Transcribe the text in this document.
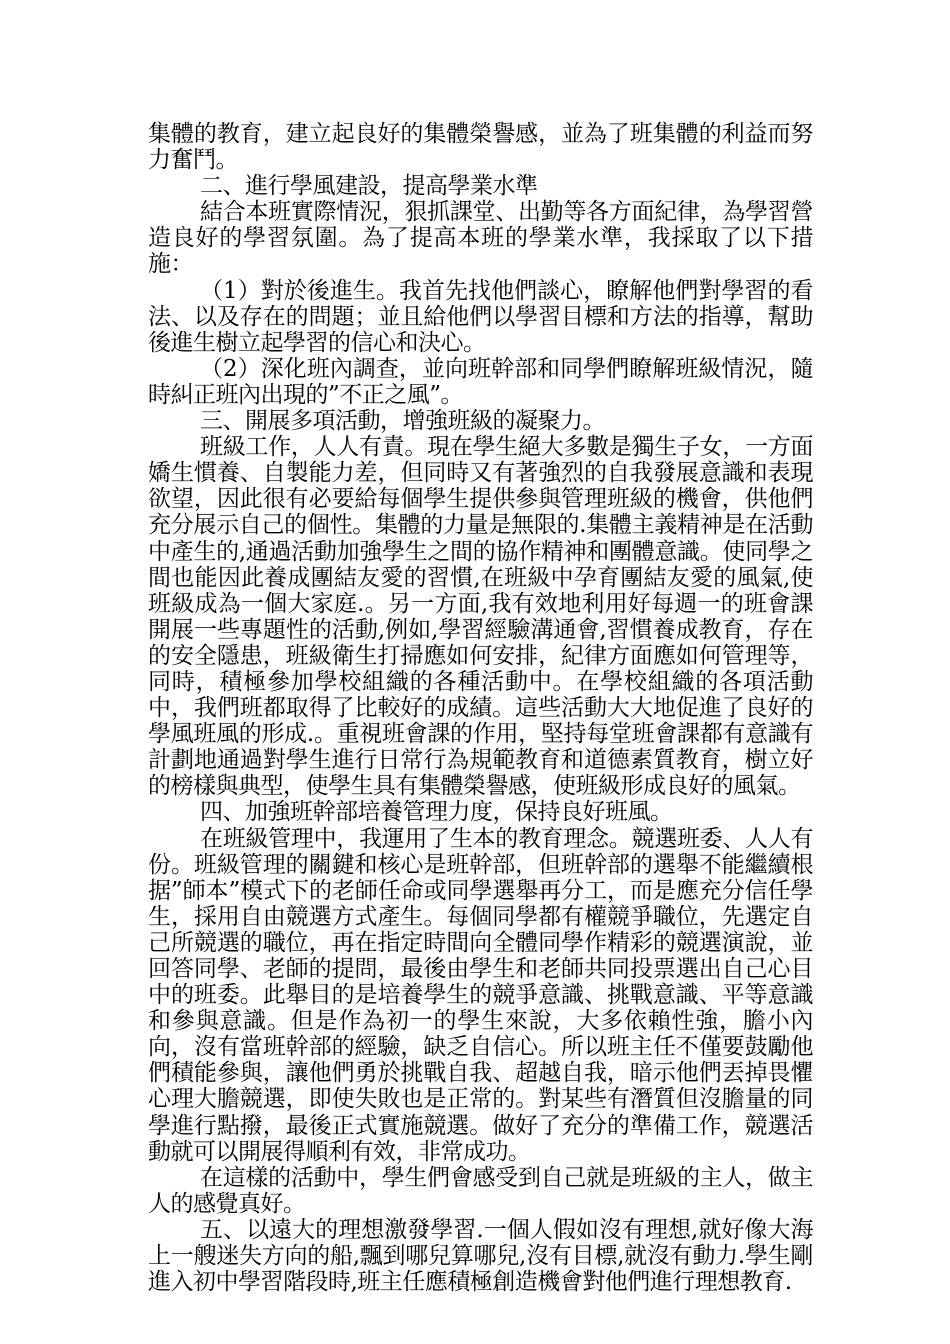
集體的教育，建立起良好的集體榮譽感，並為了班集體的利益而努力奮鬥。

二、進行學風建設，提高學業水準

結合本班實際情況，狠抓課堂、出勤等各方面紀律，為學習營造良好的學習氛圍。為了提高本班的學業水準，我採取了以下措施：

（1）對於後進生。我首先找他們談心，瞭解他們對學習的看法、以及存在的問題；並且給他們以學習目標和方法的指導，幫助後進生樹立起學習的信心和決心。

（2）深化班內調查，並向班幹部和同學們瞭解班級情況，隨時糾正班內出現的”不正之風”。

三、開展多項活動，增強班級的凝聚力。

班級工作，人人有責。現在學生絕大多數是獨生子女，一方面嬌生慣養、自製能力差，但同時又有著強烈的自我發展意識和表現欲望，因此很有必要給每個學生提供參與管理班級的機會，供他們充分展示自己的個性。集體的力量是無限的.集體主義精神是在活動中產生的,通過活動加強學生之間的協作精神和團體意識。使同學之間也能因此養成團結友愛的習慣,在班級中孕育團結友愛的風氣,使班級成為一個大家庭.。另一方面,我有效地利用好每週一的班會課開展一些專題性的活動,例如,學習經驗溝通會,習慣養成教育，存在的安全隱患，班級衛生打掃應如何安排，紀律方面應如何管理等，同時，積極參加學校組織的各種活動中。在學校組織的各項活動中，我們班都取得了比較好的成績。這些活動大大地促進了良好的學風班風的形成.。重視班會課的作用，堅持每堂班會課都有意識有計劃地通過對學生進行日常行為規範教育和道德素質教育，樹立好的榜樣與典型，使學生具有集體榮譽感，使班級形成良好的風氣。

四、加強班幹部培養管理力度，保持良好班風。

在班級管理中，我運用了生本的教育理念。競選班委、人人有份。班級管理的關鍵和核心是班幹部，但班幹部的選舉不能繼續根据”師本”模式下的老師任命或同學選舉再分工，而是應充分信任學生，採用自由競選方式產生。每個同學都有權競爭職位，先選定自己所競選的職位，再在指定時間向全體同學作精彩的競選演說，並回答同學、老師的提問，最後由學生和老師共同投票選出自己心目中的班委。此舉目的是培養學生的競爭意識、挑戰意識、平等意識和參與意識。但是作為初一的學生來說，大多依賴性強，膽小內向，沒有當班幹部的經驗，缺乏自信心。所以班主任不僅要鼓勵他們積能參與，讓他們勇於挑戰自我、超越自我，暗示他們丟掉畏懼心理大膽競選，即使失敗也是正常的。對某些有潛質但沒膽量的同學進行點撥，最後正式實施競選。做好了充分的準備工作，競選活動就可以開展得順利有效，非常成功。

在這樣的活動中，學生們會感受到自己就是班級的主人，做主人的感覺真好。

五、以遠大的理想激發學習.一個人假如沒有理想,就好像大海上一艘迷失方向的船,飄到哪兒算哪兒,沒有目標,就沒有動力.學生剛進入初中學習階段時,班主任應積極創造機會對他們進行理想教育.
